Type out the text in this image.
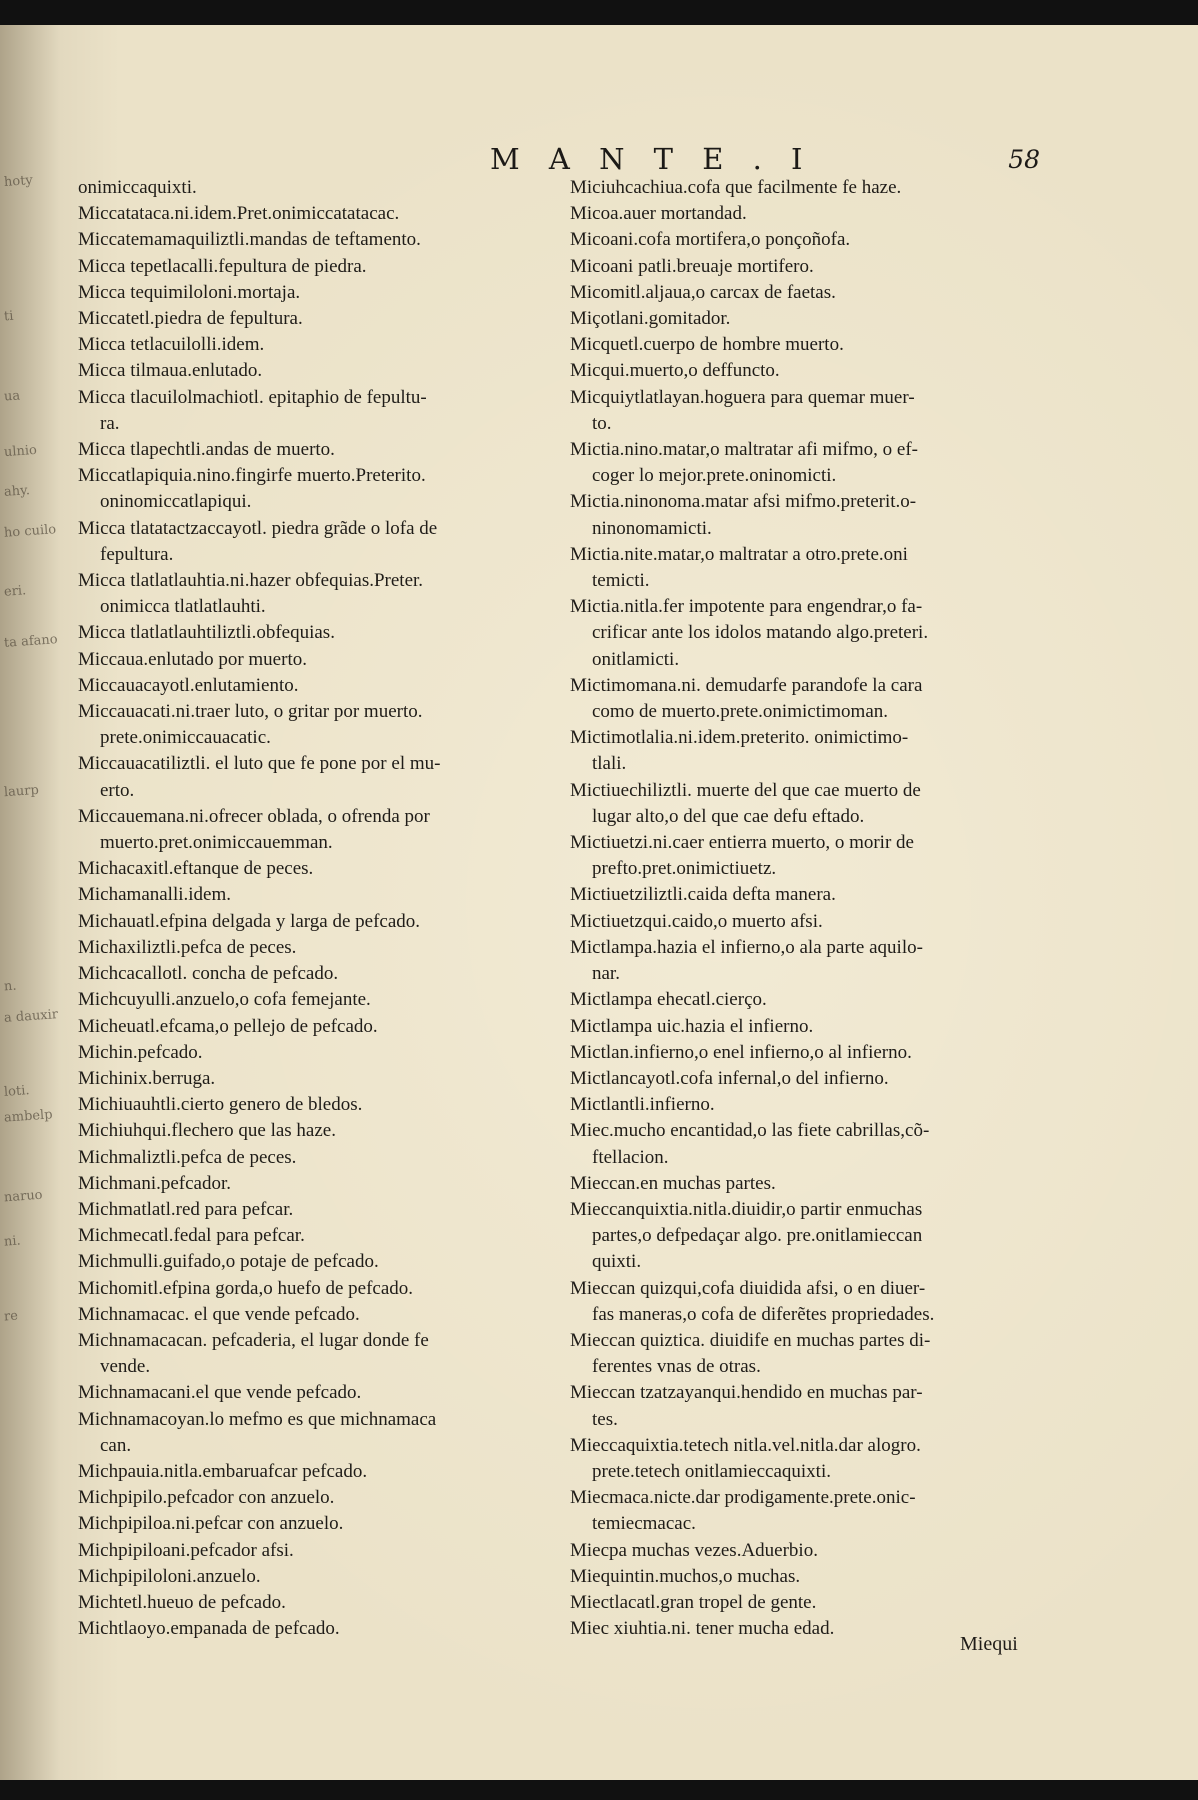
hoty
ti
ua
ulnio
ahy.
ho cuilo
eri.
ta afano
laurp
n.
a dauxir
loti.
ambelp
naruo
ni.
re
M A N T E . I	58
onimiccaquixti.
Miccatataca.ni.idem.Pret.onimiccatatacac.
Miccatemamaquiliztli.mandas de teftamento.
Micca tepetlacalli.fepultura de piedra.
Micca tequimiloloni.mortaja.
Miccatetl.piedra de fepultura.
Micca tetlacuilolli.idem.
Micca tilmaua.enlutado.
Micca tlacuilolmachiotl. epitaphio de fepultu-
ra.
Micca tlapechtli.andas de muerto.
Miccatlapiquia.nino.fingirfe muerto.Preterito.
oninomiccatlapiqui.
Micca tlatatactzaccayotl. piedra grãde o lofa de
fepultura.
Micca tlatlatlauhtia.ni.hazer obfequias.Preter.
onimicca tlatlatlauhti.
Micca tlatlatlauhtiliztli.obfequias.
Miccaua.enlutado por muerto.
Miccauacayotl.enlutamiento.
Miccauacati.ni.traer luto, o gritar por muerto.
prete.onimiccauacatic.
Miccauacatiliztli. el luto que fe pone por el mu-
erto.
Miccauemana.ni.ofrecer oblada, o ofrenda por
muerto.pret.onimiccauemman.
Michacaxitl.eftanque de peces.
Michamanalli.idem.
Michauatl.efpina delgada y larga de pefcado.
Michaxiliztli.pefca de peces.
Michcacallotl. concha de pefcado.
Michcuyulli.anzuelo,o cofa femejante.
Micheuatl.efcama,o pellejo de pefcado.
Michin.pefcado.
Michinix.berruga.
Michiuauhtli.cierto genero de bledos.
Michiuhqui.flechero que las haze.
Michmaliztli.pefca de peces.
Michmani.pefcador.
Michmatlatl.red para pefcar.
Michmecatl.fedal para pefcar.
Michmulli.guifado,o potaje de pefcado.
Michomitl.efpina gorda,o huefo de pefcado.
Michnamacac. el que vende pefcado.
Michnamacacan. pefcaderia, el lugar donde fe
vende.
Michnamacani.el que vende pefcado.
Michnamacoyan.lo mefmo es que michnamaca
can.
Michpauia.nitla.embaruafcar pefcado.
Michpipilo.pefcador con anzuelo.
Michpipiloa.ni.pefcar con anzuelo.
Michpipiloani.pefcador afsi.
Michpipiloloni.anzuelo.
Michtetl.hueuo de pefcado.
Michtlaoyo.empanada de pefcado.
Miciuhcachiua.cofa que facilmente fe haze.
Micoa.auer mortandad.
Micoani.cofa mortifera,o ponçoñofa.
Micoani patli.breuaje mortifero.
Micomitl.aljaua,o carcax de faetas.
Miçotlani.gomitador.
Micquetl.cuerpo de hombre muerto.
Micqui.muerto,o deffuncto.
Micquiytlatlayan.hoguera para quemar muer-
to.
Mictia.nino.matar,o maltratar afi mifmo, o ef-
coger lo mejor.prete.oninomicti.
Mictia.ninonoma.matar afsi mifmo.preterit.o-
ninonomamicti.
Mictia.nite.matar,o maltratar a otro.prete.oni
temicti.
Mictia.nitla.fer impotente para engendrar,o fa-
crificar ante los idolos matando algo.preteri.
onitlamicti.
Mictimomana.ni. demudarfe parandofe la cara
como de muerto.prete.onimictimoman.
Mictimotlalia.ni.idem.preterito. onimictimo-
tlali.
Mictiuechiliztli. muerte del que cae muerto de
lugar alto,o del que cae defu eftado.
Mictiuetzi.ni.caer entierra muerto, o morir de
prefto.pret.onimictiuetz.
Mictiuetziliztli.caida defta manera.
Mictiuetzqui.caido,o muerto afsi.
Mictlampa.hazia el infierno,o ala parte aquilo-
nar.
Mictlampa ehecatl.cierço.
Mictlampa uic.hazia el infierno.
Mictlan.infierno,o enel infierno,o al infierno.
Mictlancayotl.cofa infernal,o del infierno.
Mictlantli.infierno.
Miec.mucho encantidad,o las fiete cabrillas,cõ-
ftellacion.
Mieccan.en muchas partes.
Mieccanquixtia.nitla.diuidir,o partir enmuchas
partes,o defpedaçar algo. pre.onitlamieccan
quixti.
Mieccan quizqui,cofa diuidida afsi, o en diuer-
fas maneras,o cofa de diferẽtes propriedades.
Mieccan quiztica. diuidife en muchas partes di-
ferentes vnas de otras.
Mieccan tzatzayanqui.hendido en muchas par-
tes.
Mieccaquixtia.tetech nitla.vel.nitla.dar alogro.
prete.tetech onitlamieccaquixti.
Miecmaca.nicte.dar prodigamente.prete.onic-
temiecmacac.
Miecpa muchas vezes.Aduerbio.
Miequintin.muchos,o muchas.
Miectlacatl.gran tropel de gente.
Miec xiuhtia.ni. tener mucha edad.
Miequi
